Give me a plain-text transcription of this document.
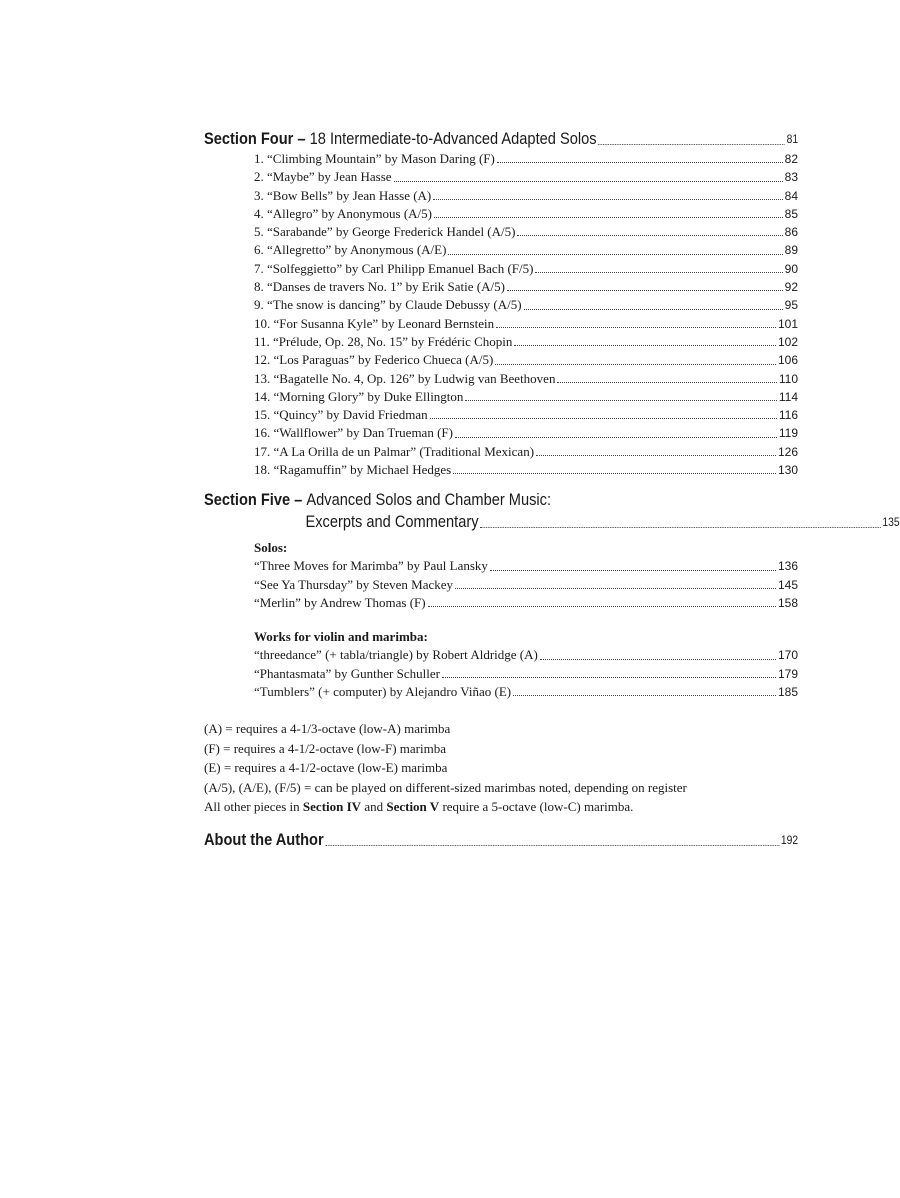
Section Four –
18 Intermediate-to-Advanced Adapted Solos	81
1. “Climbing Mountain” by Mason Daring (F)	82
2. “Maybe” by Jean Hasse	83
3. “Bow Bells” by Jean Hasse (A)	84
4. “Allegro” by Anonymous (A/5)	85
5. “Sarabande” by George Frederick Handel (A/5)	86
6. “Allegretto” by Anonymous (A/E)	89
7. “Solfeggietto” by Carl Philipp Emanuel Bach (F/5)	90
8. “Danses de travers No. 1” by Erik Satie (A/5)	92
9. “The snow is dancing” by Claude Debussy (A/5)	95
10. “For Susanna Kyle” by Leonard Bernstein	101
11. “Prélude, Op. 28, No. 15” by Frédéric Chopin	102
12. “Los Paraguas” by Federico Chueca (A/5)	106
13. “Bagatelle No. 4, Op. 126” by Ludwig van Beethoven	110
14. “Morning Glory” by Duke Ellington	114
15. “Quincy” by David Friedman	116
16. “Wallflower” by Dan Trueman (F)	119
17. “A La Orilla de un Palmar” (Traditional Mexican)	126
18. “Ragamuffin” by Michael Hedges	130
Section Five – Advanced Solos and Chamber Music:
Excerpts and Commentary	135
Solos:
“Three Moves for Marimba” by Paul Lansky	136
“See Ya Thursday” by Steven Mackey	145
“Merlin” by Andrew Thomas (F)	158
Works for violin and marimba:
“threedance” (+ tabla/triangle) by Robert Aldridge (A)	170
“Phantasmata” by Gunther Schuller	179
“Tumblers” (+ computer) by Alejandro Viñao (E)	185
(A) = requires a 4-1/3-octave (low-A) marimba
(F) = requires a 4-1/2-octave (low-F) marimba
(E) = requires a 4-1/2-octave (low-E) marimba
(A/5), (A/E), (F/5) = can be played on different-sized marimbas noted, depending on register
All other pieces in Section IV and Section V require a 5-octave (low-C) marimba.
About the Author	192
